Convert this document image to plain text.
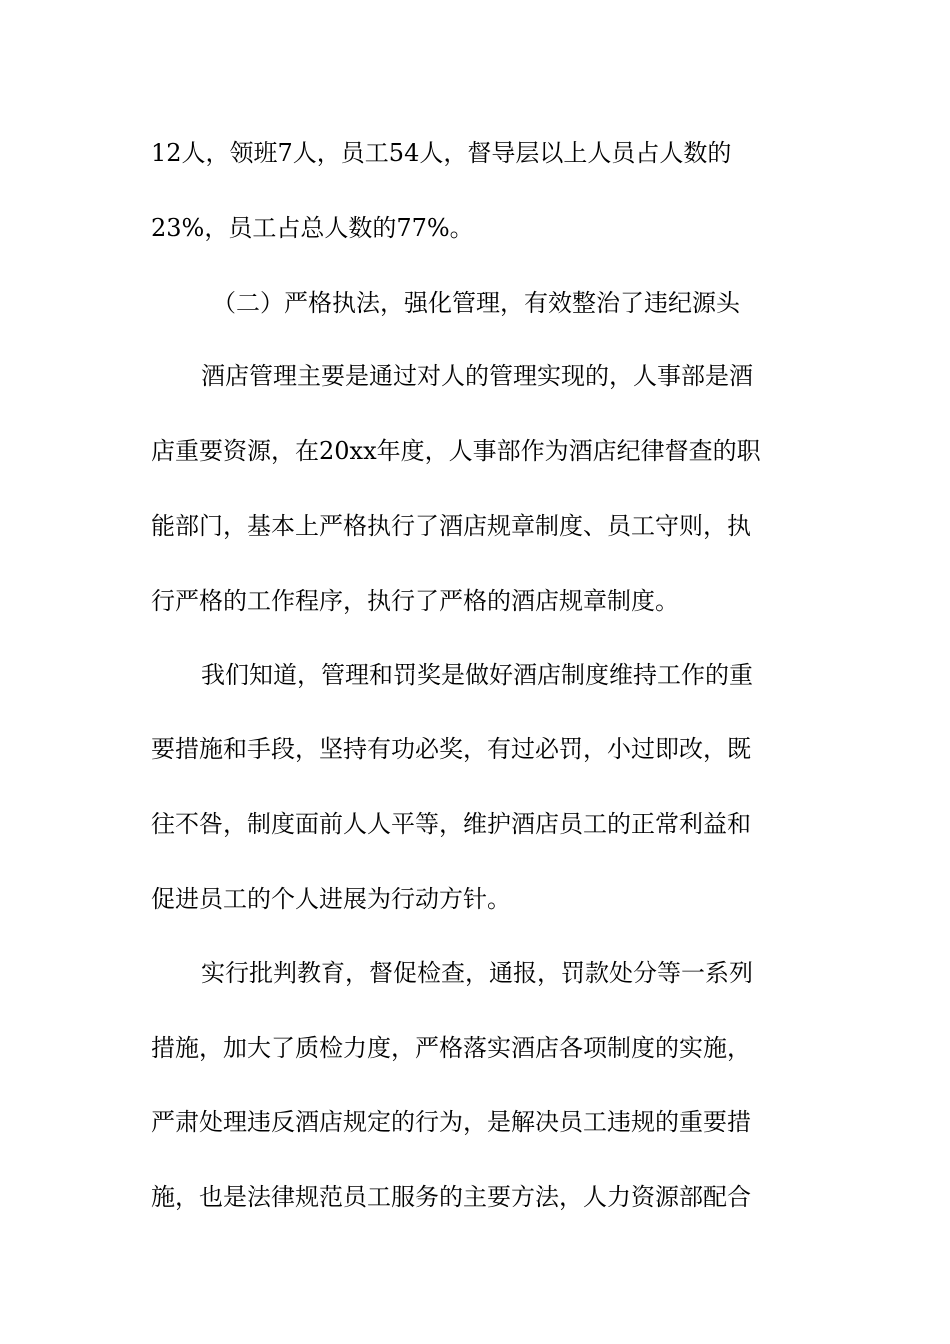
12人，领班7人，员工54人，督导层以上人员占人数的
23%，员工占总人数的77%。
（二）严格执法，强化管理，有效整治了违纪源头
酒店管理主要是通过对人的管理实现的，人事部是酒
店重要资源，在20xx年度，人事部作为酒店纪律督查的职
能部门，基本上严格执行了酒店规章制度、员工守则，执
行严格的工作程序，执行了严格的酒店规章制度。
我们知道，管理和罚奖是做好酒店制度维持工作的重
要措施和手段，坚持有功必奖，有过必罚，小过即改，既
往不咎，制度面前人人平等，维护酒店员工的正常利益和
促进员工的个人进展为行动方针。
实行批判教育，督促检查，通报，罚款处分等一系列
措施，加大了质检力度，严格落实酒店各项制度的实施，
严肃处理违反酒店规定的行为，是解决员工违规的重要措
施，也是法律规范员工服务的主要方法，人力资源部配合
